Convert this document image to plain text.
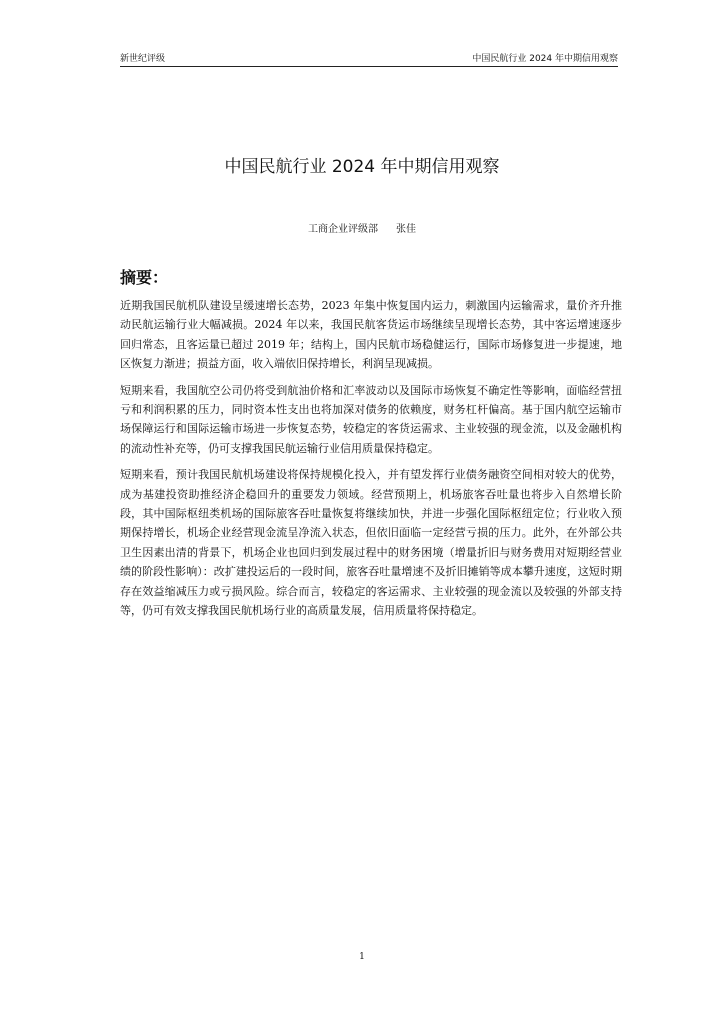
新世纪评级	中国民航行业 2024 年中期信用观察
中国民航行业 2024 年中期信用观察
工商企业评级部 张佳
摘要：

近期我国民航机队建设呈缓速增长态势，2023 年集中恢复国内运力，刺激国内运输需求，量价齐升推动民航运输行业大幅减损。2024 年以来，我国民航客货运市场继续呈现增长态势，其中客运增速逐步回归常态，且客运量已超过 2019 年；结构上，国内民航市场稳健运行，国际市场修复进一步提速，地区恢复力渐进；损益方面，收入端依旧保持增长，利润呈现减损。

短期来看，我国航空公司仍将受到航油价格和汇率波动以及国际市场恢复不确定性等影响，面临经营扭亏和利润积累的压力，同时资本性支出也将加深对债务的依赖度，财务杠杆偏高。基于国内航空运输市场保障运行和国际运输市场进一步恢复态势，较稳定的客货运需求、主业较强的现金流，以及金融机构的流动性补充等，仍可支撑我国民航运输行业信用质量保持稳定。

短期来看，预计我国民航机场建设将保持规模化投入，并有望发挥行业债务融资空间相对较大的优势，成为基建投资助推经济企稳回升的重要发力领域。经营预期上，机场旅客吞吐量也将步入自然增长阶段，其中国际枢纽类机场的国际旅客吞吐量恢复将继续加快，并进一步强化国际枢纽定位；行业收入预期保持增长，机场企业经营现金流呈净流入状态，但依旧面临一定经营亏损的压力。此外，在外部公共卫生因素出清的背景下，机场企业也回归到发展过程中的财务困境（增量折旧与财务费用对短期经营业绩的阶段性影响）：改扩建投运后的一段时间，旅客吞吐量增速不及折旧摊销等成本攀升速度，这短时期存在效益缩减压力或亏损风险。综合而言，较稳定的客运需求、主业较强的现金流以及较强的外部支持等，仍可有效支撑我国民航机场行业的高质量发展，信用质量将保持稳定。

1
